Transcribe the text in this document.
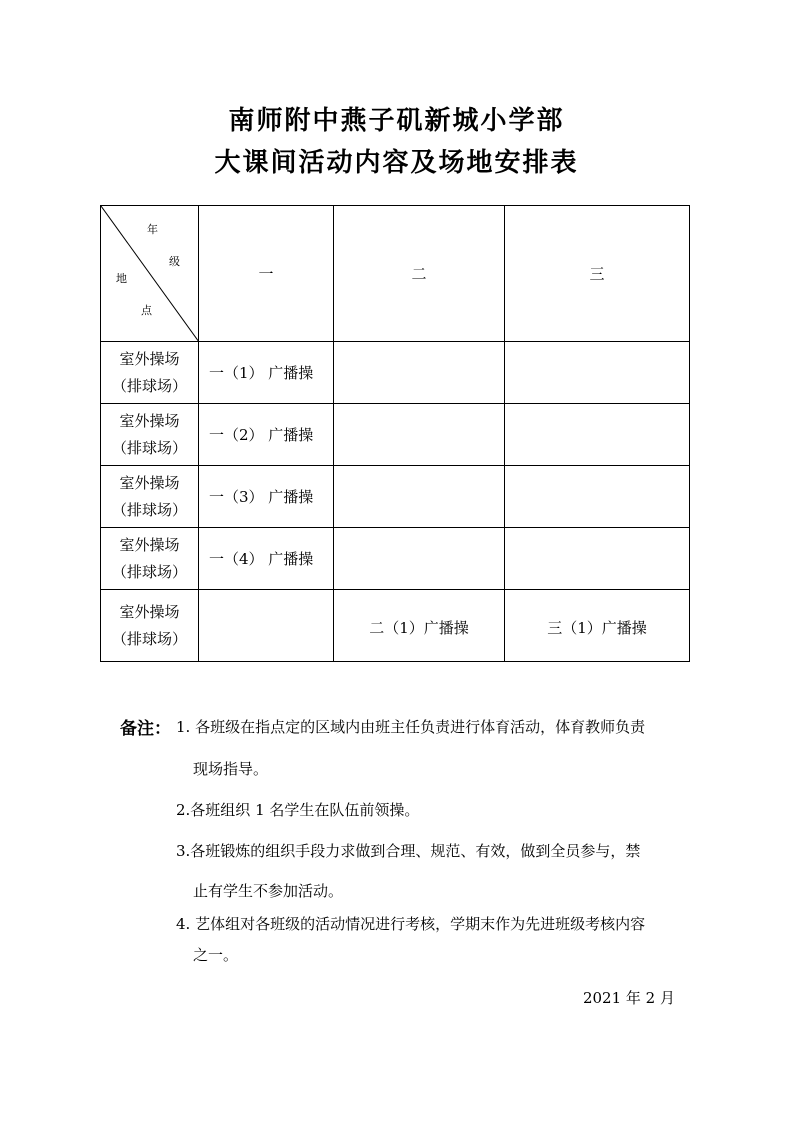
南师附中燕子矶新城小学部
大课间活动内容及场地安排表
年
级
地
点	一	二	三

室外操场
（排球场）	一（1） 广播操		

室外操场
（排球场）	一（2） 广播操		

室外操场
（排球场）	一（3） 广播操		

室外操场
（排球场）	一（4） 广播操		

室外操场
（排球场）		二（1）广播操	三（1）广播操
备注： 1. 各班级在指点定的区域内由班主任负责进行体育活动，体育教师负责
现场指导。
2.各班组织 1 名学生在队伍前领操。
3.各班锻炼的组织手段力求做到合理、规范、有效，做到全员参与，禁
止有学生不参加活动。
4. 艺体组对各班级的活动情况进行考核，学期末作为先进班级考核内容
之一。
2021 年 2 月
